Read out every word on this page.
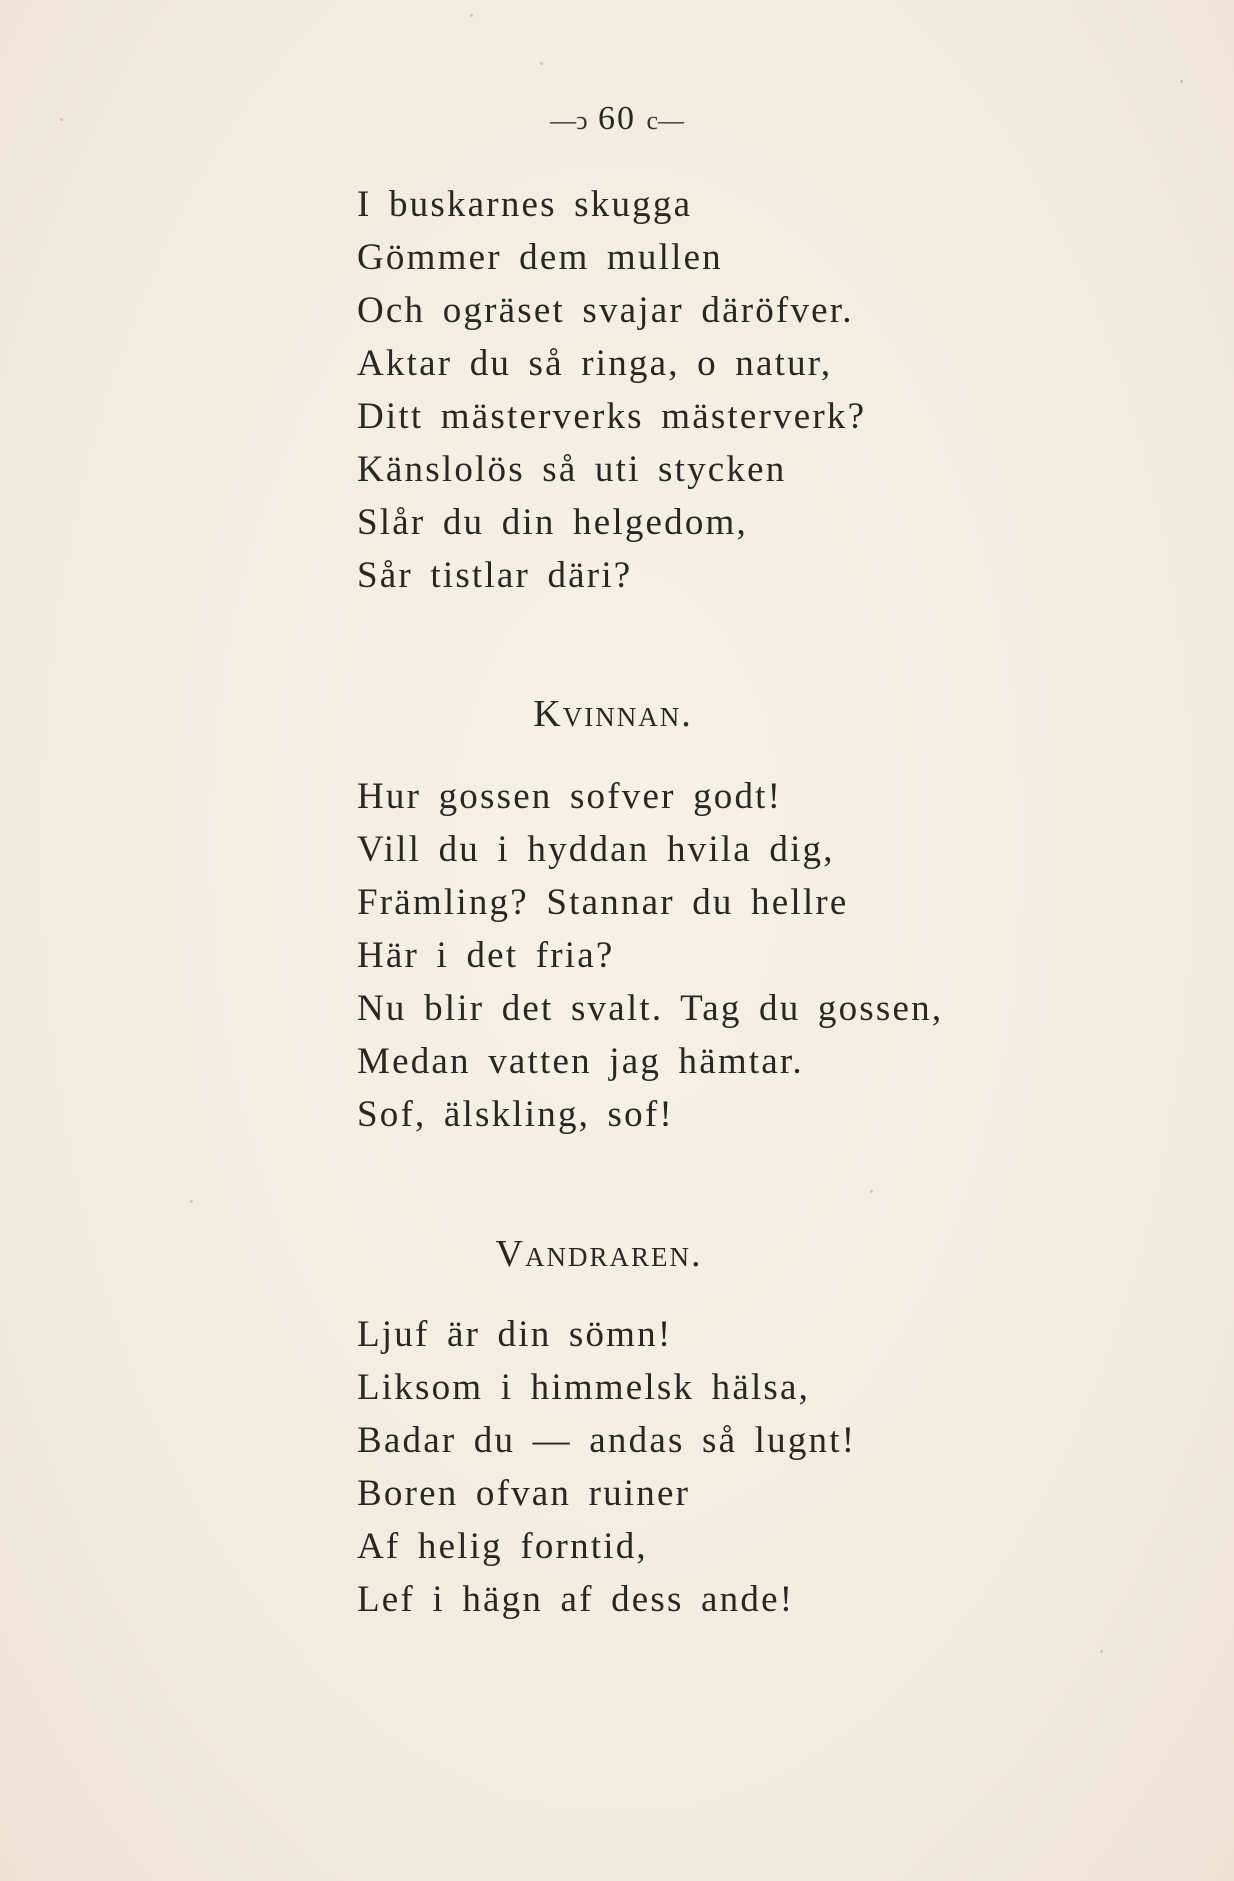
—ↄ 60 c—
I buskarnes skugga
Gömmer dem mullen
Och ogräset svajar däröfver.
Aktar du så ringa, o natur,
Ditt mästerverks mästerverk?
Känslolös så uti stycken
Slår du din helgedom,
Sår tistlar däri?
Kvinnan.
Hur gossen sofver godt!
Vill du i hyddan hvila dig,
Främling? Stannar du hellre
Här i det fria?
Nu blir det svalt. Tag du gossen,
Medan vatten jag hämtar.
Sof, älskling, sof!
Vandraren.
Ljuf är din sömn!
Liksom i himmelsk hälsa,
Badar du — andas så lugnt!
Boren ofvan ruiner
Af helig forntid,
Lef i hägn af dess ande!
